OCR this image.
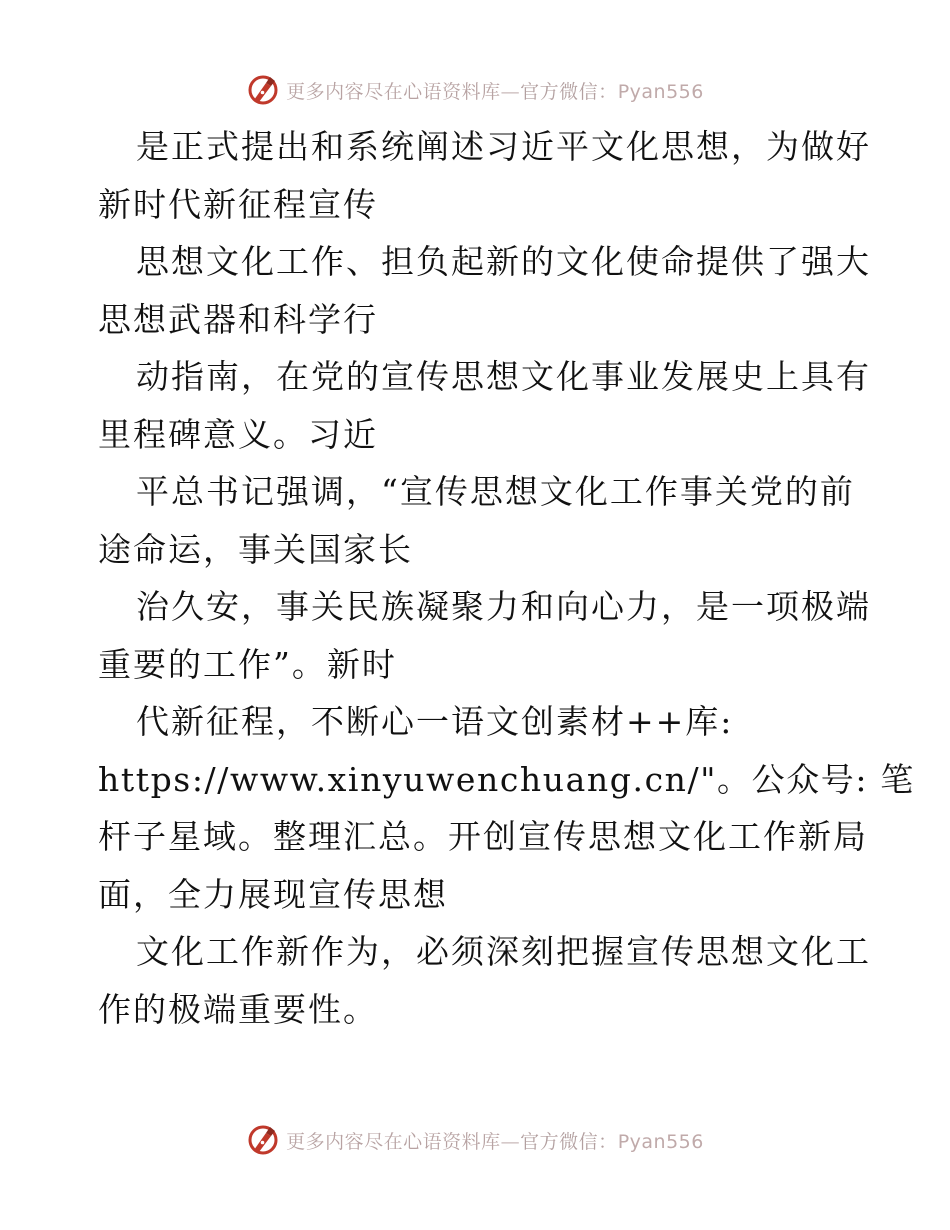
更多内容尽在心语资料库—官方微信：Pyan556
是正式提出和系统阐述习近平文化思想，为做好
新时代新征程宣传
思想文化工作、担负起新的文化使命提供了强大
思想武器和科学行
动指南，在党的宣传思想文化事业发展史上具有
里程碑意义。习近
平总书记强调，“宣传思想文化工作事关党的前
途命运，事关国家长
治久安，事关民族凝聚力和向心力，是一项极端
重要的工作”。新时
代新征程，不断心一语文创素材++库:
https://www.xinyuwenchuang.cn/"。公众号: 笔
杆子星域。整理汇总。开创宣传思想文化工作新局
面，全力展现宣传思想
文化工作新作为，必须深刻把握宣传思想文化工
作的极端重要性。
更多内容尽在心语资料库—官方微信：Pyan556
